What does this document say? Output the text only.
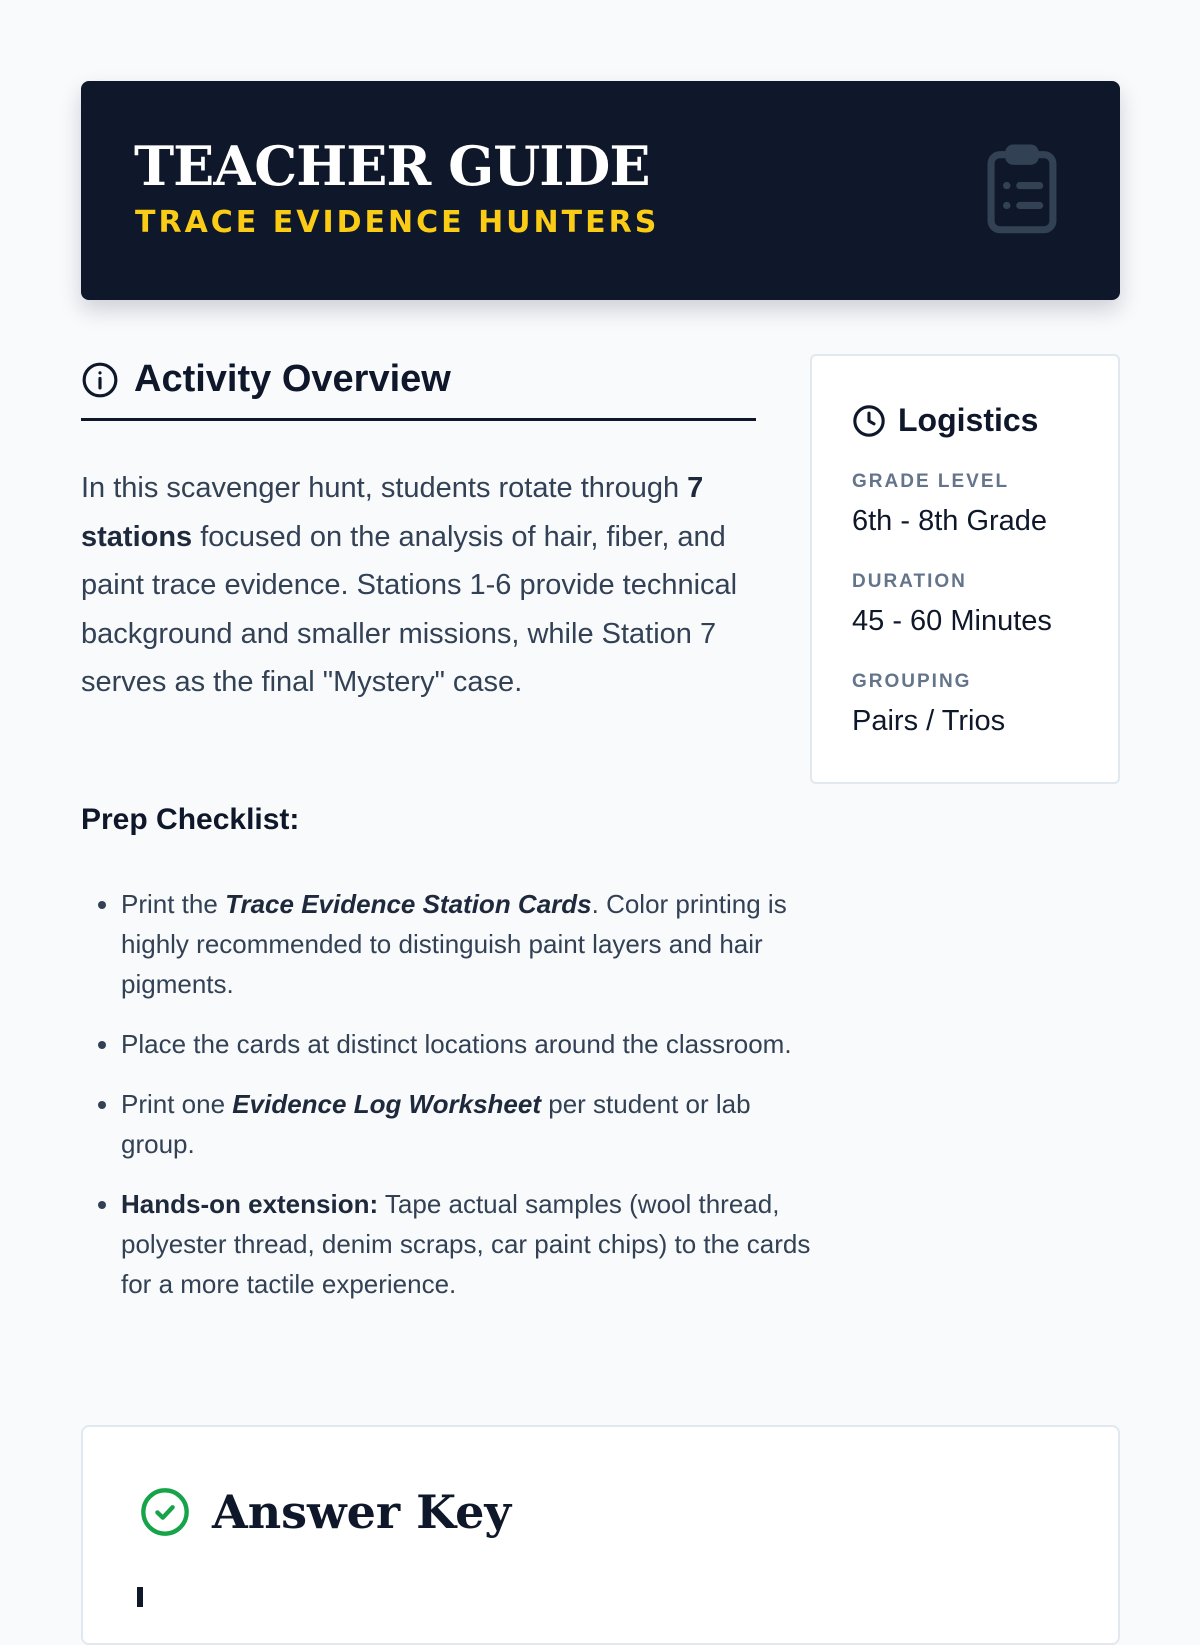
TEACHER GUIDE
TRACE EVIDENCE HUNTERS
Activity Overview

In this scavenger hunt, students rotate through 7 stations focused on the analysis of hair, fiber, and paint trace evidence. Stations 1-6 provide technical background and smaller missions, while Station 7 serves as the final "Mystery" case.

Prep Checklist:
• Print the Trace Evidence Station Cards. Color printing is highly recommended to distinguish paint layers and hair pigments.
• Place the cards at distinct locations around the classroom.
• Print one Evidence Log Worksheet per student or lab group.
• Hands-on extension: Tape actual samples (wool thread, polyester thread, denim scraps, car paint chips) to the cards for a more tactile experience.
Logistics
GRADE LEVEL
6th - 8th Grade
DURATION
45 - 60 Minutes
GROUPING
Pairs / Trios
Answer Key
